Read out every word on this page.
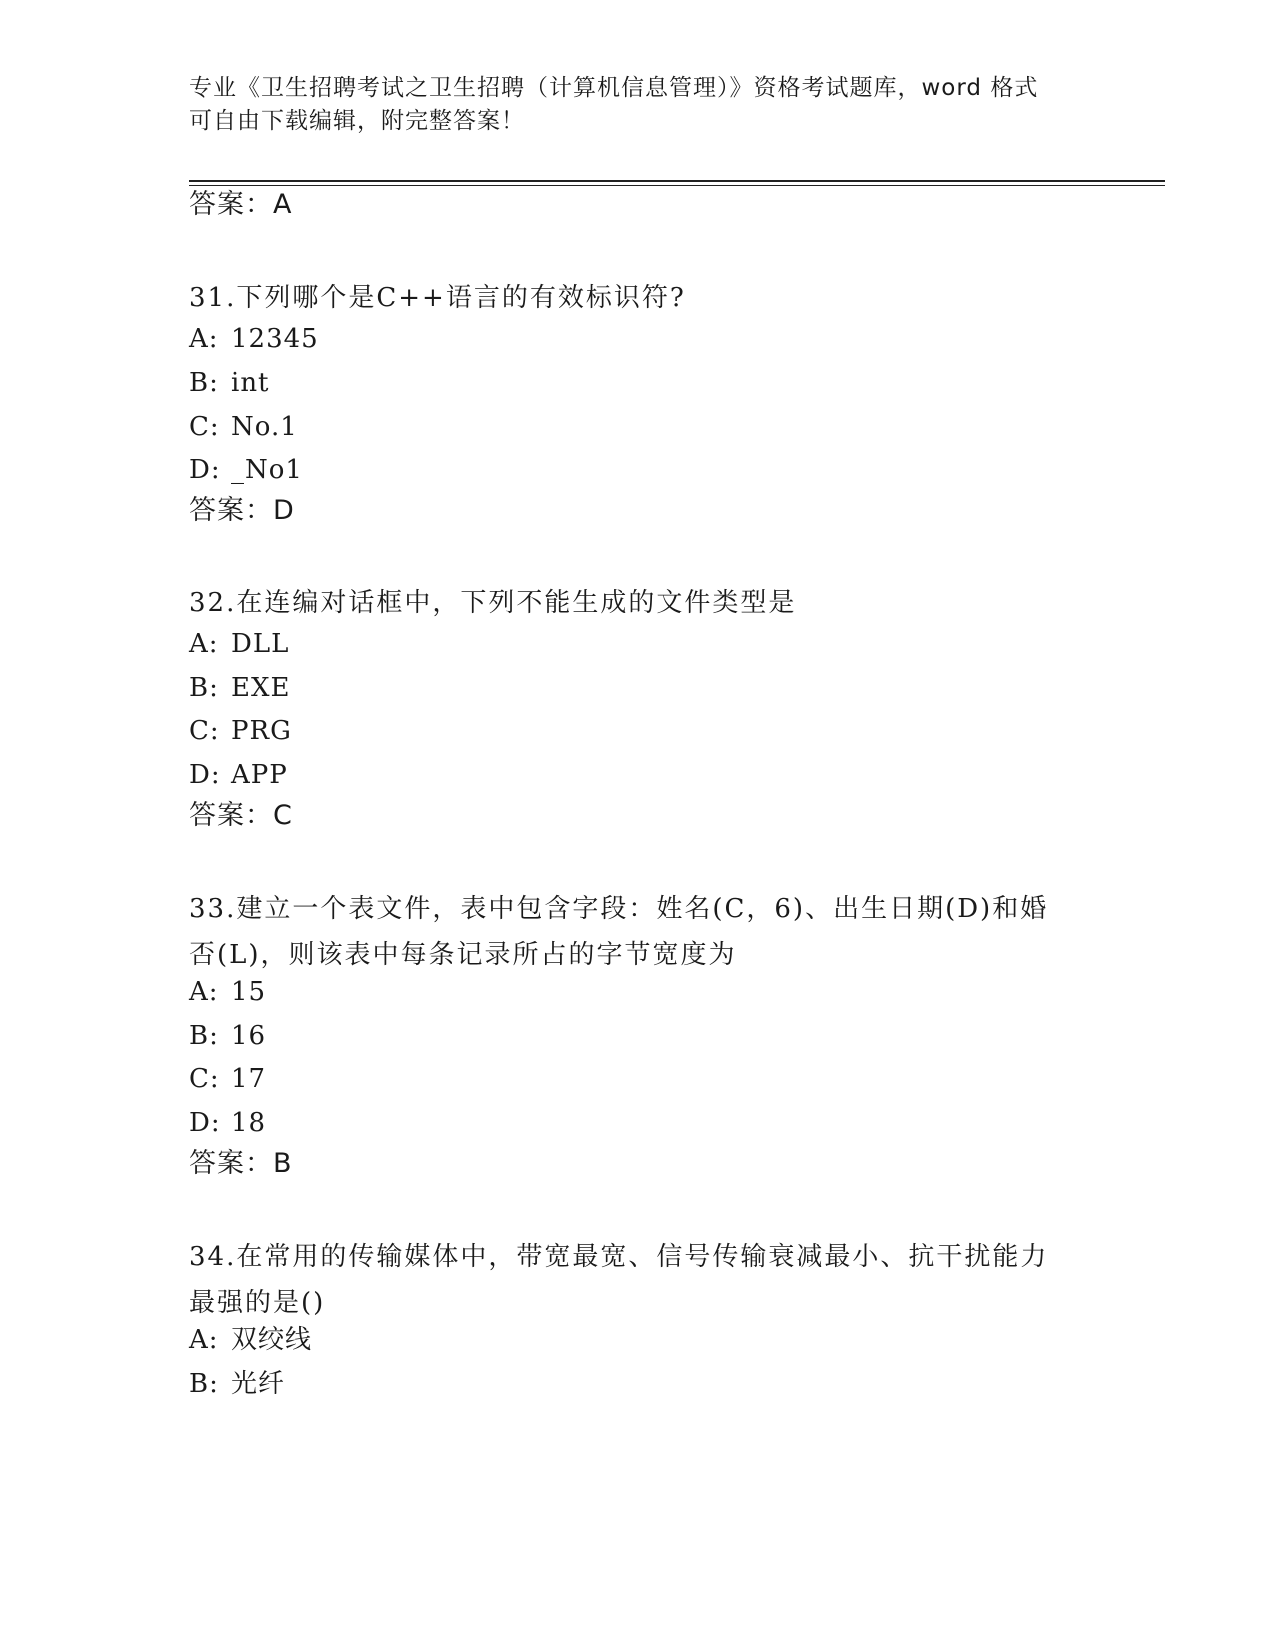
专业《卫生招聘考试之卫生招聘（计算机信息管理）》资格考试题库，word 格式
可自由下载编辑，附完整答案！
答案：A
31.下列哪个是C++语言的有效标识符?
A: 12345
B: int
C: No.1
D: _No1
答案：D
32.在连编对话框中，下列不能生成的文件类型是
A: DLL
B: EXE
C: PRG
D: APP
答案：C
33.建立一个表文件，表中包含字段：姓名(C，6)、出生日期(D)和婚
否(L)，则该表中每条记录所占的字节宽度为
A: 15
B: 16
C: 17
D: 18
答案：B
34.在常用的传输媒体中，带宽最宽、信号传输衰减最小、抗干扰能力
最强的是()
A: 双绞线
B: 光纤
